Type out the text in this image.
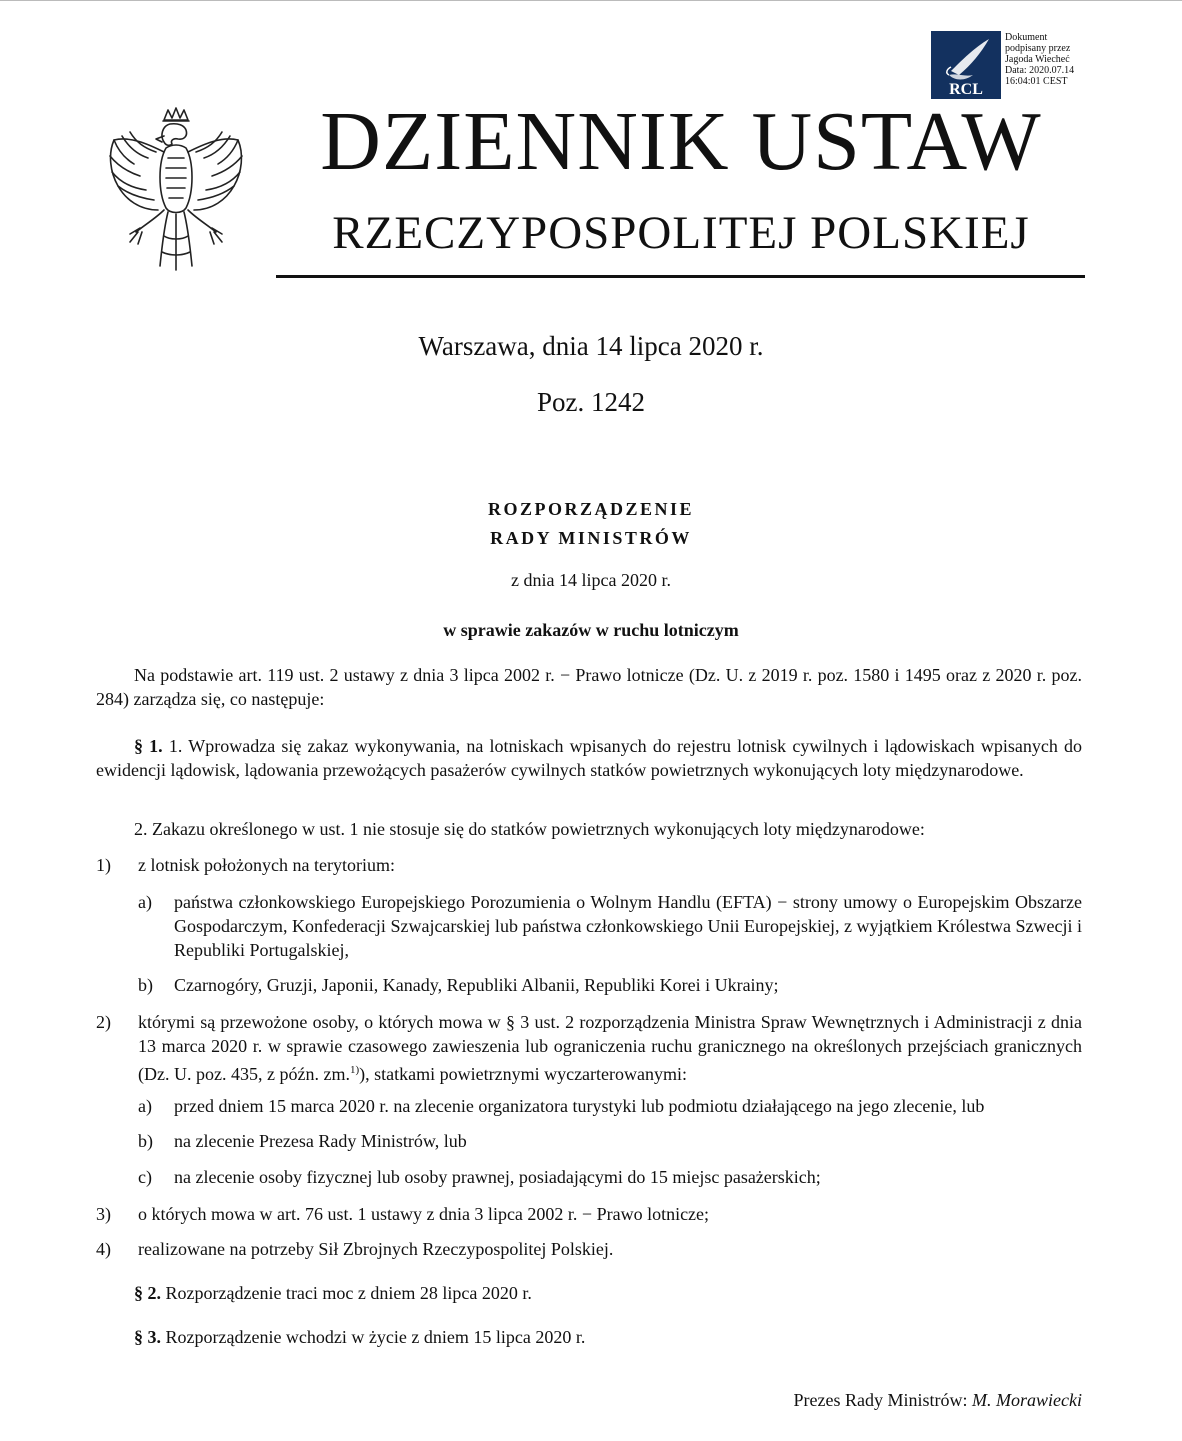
RCL
Dokument
podpisany przez
Jagoda Wiecheć
Data: 2020.07.14
16:04:01 CEST
DZIENNIK USTAW
RZECZYPOSPOLITEJ POLSKIEJ
Warszawa, dnia 14 lipca 2020 r.
Poz. 1242
ROZPORZĄDZENIE
RADY MINISTRÓW
z dnia 14 lipca 2020 r.
w sprawie zakazów w ruchu lotniczym
Na podstawie art. 119 ust. 2 ustawy z dnia 3 lipca 2002 r. − Prawo lotnicze (Dz. U. z 2019 r. poz. 1580 i 1495 oraz z 2020 r. poz. 284) zarządza się, co następuje:
§ 1. 1. Wprowadza się zakaz wykonywania, na lotniskach wpisanych do rejestru lotnisk cywilnych i lądowiskach wpisanych do ewidencji lądowisk, lądowania przewożących pasażerów cywilnych statków powietrznych wykonujących loty międzynarodowe.
2. Zakazu określonego w ust. 1 nie stosuje się do statków powietrznych wykonujących loty międzynarodowe:
1) z lotnisk położonych na terytorium:
a) państwa członkowskiego Europejskiego Porozumienia o Wolnym Handlu (EFTA) − strony umowy o Europejskim Obszarze Gospodarczym, Konfederacji Szwajcarskiej lub państwa członkowskiego Unii Europejskiej, z wyjątkiem Królestwa Szwecji i Republiki Portugalskiej,
b) Czarnogóry, Gruzji, Japonii, Kanady, Republiki Albanii, Republiki Korei i Ukrainy;
2) którymi są przewożone osoby, o których mowa w § 3 ust. 2 rozporządzenia Ministra Spraw Wewnętrznych i Administracji z dnia 13 marca 2020 r. w sprawie czasowego zawieszenia lub ograniczenia ruchu granicznego na określonych przejściach granicznych (Dz. U. poz. 435, z późn. zm.$^{1)}$), statkami powietrznymi wyczarterowanymi:
a) przed dniem 15 marca 2020 r. na zlecenie organizatora turystyki lub podmiotu działającego na jego zlecenie, lub
b) na zlecenie Prezesa Rady Ministrów, lub
c) na zlecenie osoby fizycznej lub osoby prawnej, posiadającymi do 15 miejsc pasażerskich;
3) o których mowa w art. 76 ust. 1 ustawy z dnia 3 lipca 2002 r. − Prawo lotnicze;
4) realizowane na potrzeby Sił Zbrojnych Rzeczypospolitej Polskiej.
§ 2. Rozporządzenie traci moc z dniem 28 lipca 2020 r.
§ 3. Rozporządzenie wchodzi w życie z dniem 15 lipca 2020 r.
Prezes Rady Ministrów: M. Morawiecki
